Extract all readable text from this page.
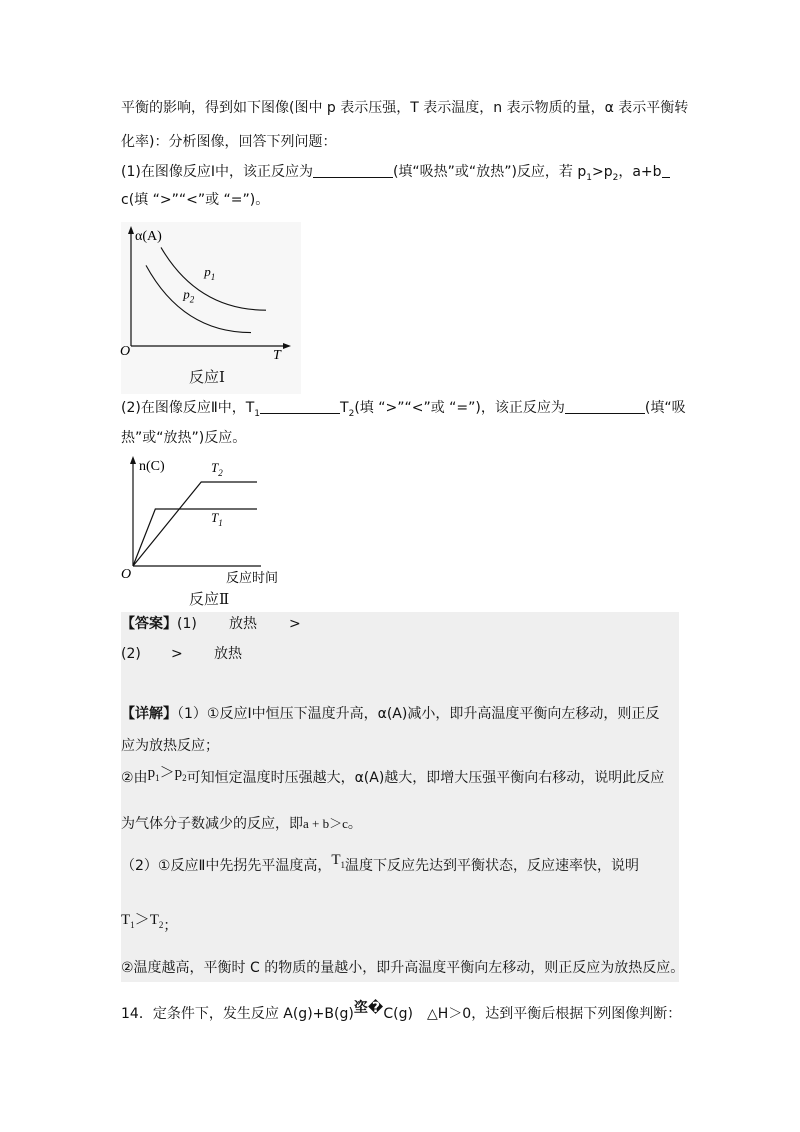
平衡的影响，得到如下图像(图中 p 表示压强，T 表示温度，n 表示物质的量，α 表示平衡转
化率)：分析图像，回答下列问题：
(1)在图像反应Ⅰ中，该正反应为	(填“吸热”或“放热”)反应，若 $p_1>p_2$，a+b
c(填 “>”“<”或 “=”)。
α(A)
T
O
$p_1$
$p_2$
反应Ⅰ
(2)在图像反应Ⅱ中，$T_1$	$T_2$(填 “>”“<”或 “=”)，该正反应为	(填“吸
热”或“放热”)反应。
n(C)
反应时间
O
$T_2$
$T_1$
反应Ⅱ
【答案】(1) 放热 >
(2) > 放热
【详解】（1）①反应Ⅰ中恒压下温度升高，α(A)减小，即升高温度平衡向左移动，则正反
应为放热反应；
②由$p_1>p_2$可知恒定温度时压强越大，α(A)越大，即增大压强平衡向右移动，说明此反应
为气体分子数减少的反应，即a + b＞c。
（2）①反应Ⅱ中先拐先平温度高，$T_1$温度下反应先达到平衡状态，反应速率快，说明
$T_1>T_2$；
②温度越高，平衡时 C 的物质的量越小，即升高温度平衡向左移动，则正反应为放热反应。
14．定条件下，发生反应 A(g)+B(g)垐�C(g)　△H＞0，达到平衡后根据下列图像判断：
